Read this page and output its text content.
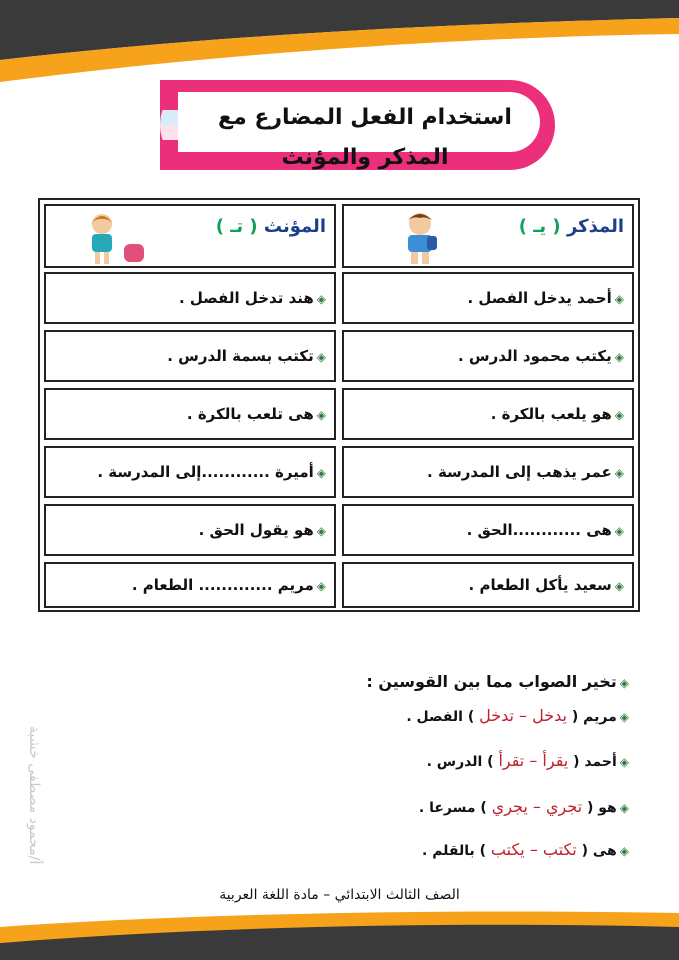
استخدام الفعل المضارع مع المذكر والمؤنث
المذكر ( يـ )
المؤنث ( تـ )
◈أحمد يدخل الفصل .
◈هند تدخل الفصل .
◈يكتب محمود الدرس .
◈تكتب بسمة الدرس .
◈هو يلعب بالكرة .
◈هى تلعب بالكرة .
◈عمر يذهب إلى المدرسة .
◈أميرة ............إلى المدرسة .
◈هى ............الحق .
◈هو يقول الحق .
◈سعيد يأكل الطعام .
◈مريم ............. الطعام .
◈تخير الصواب مما بين القوسين :
◈مريم ( يدخل – تدخل ) الفصل .
◈أحمد ( يقرأ – تقرأ ) الدرس .
◈هو ( تجري – يجري ) مسرعا .
◈هى ( تكتب – يكتب ) بالقلم .
أ/محمود مصطفى خشبة
الصف الثالث الابتدائي – مادة اللغة العربية
